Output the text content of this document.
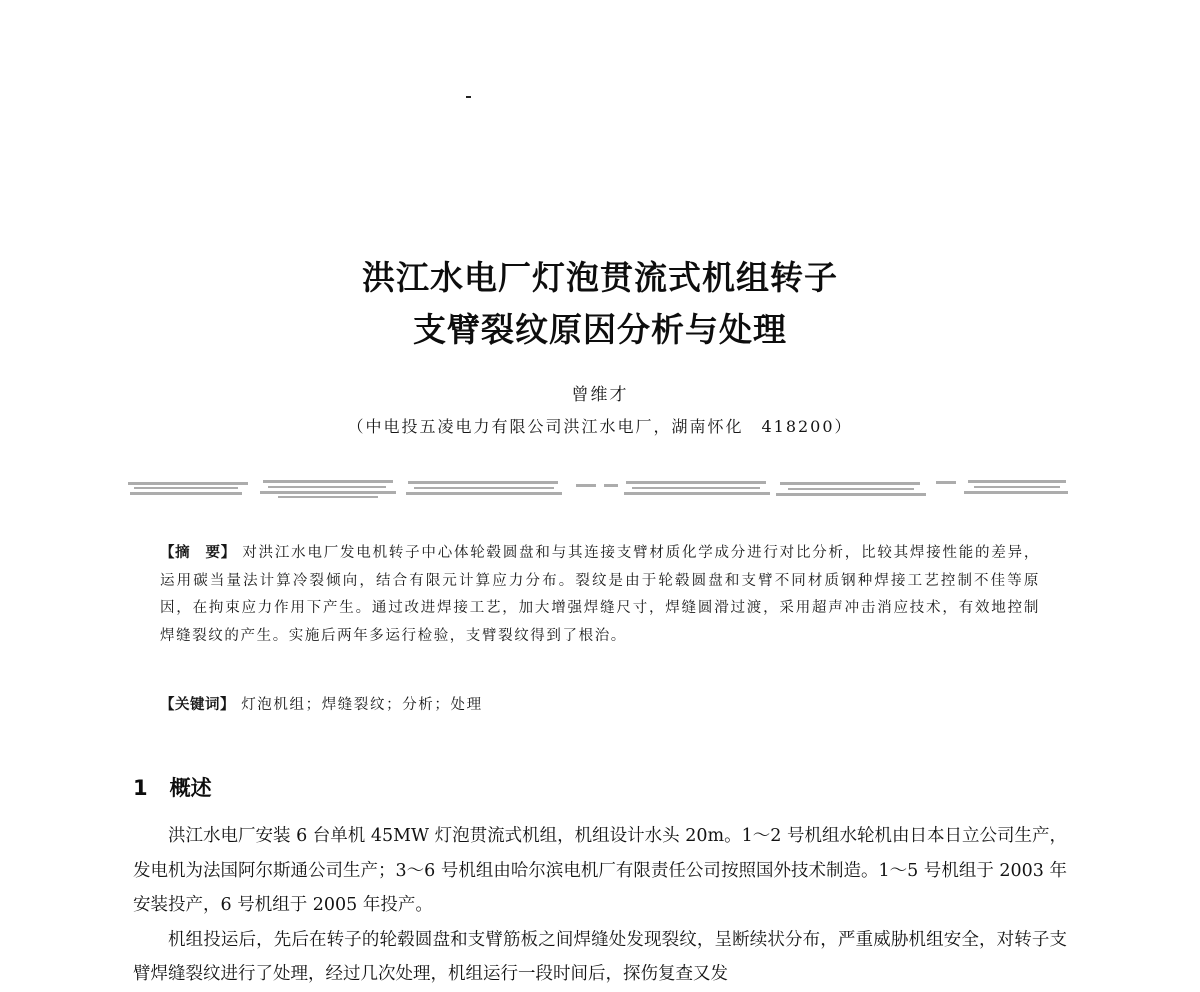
洪江水电厂灯泡贯流式机组转子
支臂裂纹原因分析与处理
曾维才
（中电投五凌电力有限公司洪江水电厂，湖南怀化　418200）
【摘　要】 对洪江水电厂发电机转子中心体轮毂圆盘和与其连接支臂材质化学成分进行对比分析，比较其焊接性能的差异，运用碳当量法计算冷裂倾向，结合有限元计算应力分布。裂纹是由于轮毂圆盘和支臂不同材质钢种焊接工艺控制不佳等原因，在拘束应力作用下产生。通过改进焊接工艺，加大增强焊缝尺寸，焊缝圆滑过渡，采用超声冲击消应技术，有效地控制焊缝裂纹的产生。实施后两年多运行检验，支臂裂纹得到了根治。
【关键词】 灯泡机组；焊缝裂纹；分析；处理
1 概述

洪江水电厂安装 6 台单机 45MW 灯泡贯流式机组，机组设计水头 20m。1～2 号机组水轮机由日本日立公司生产，发电机为法国阿尔斯通公司生产；3～6 号机组由哈尔滨电机厂有限责任公司按照国外技术制造。1～5 号机组于 2003 年安装投产，6 号机组于 2005 年投产。

机组投运后，先后在转子的轮毂圆盘和支臂筋板之间焊缝处发现裂纹，呈断续状分布，严重威胁机组安全，对转子支臂焊缝裂纹进行了处理，经过几次处理，机组运行一段时间后，探伤复查又发
